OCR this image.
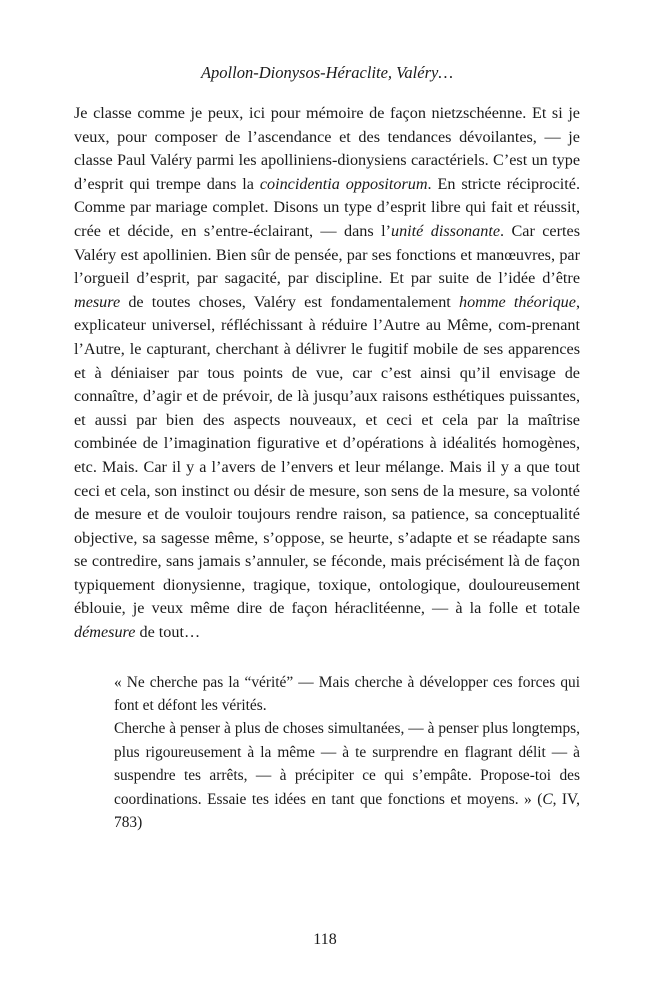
Apollon-Dionysos-Héraclite, Valéry…

Je classe comme je peux, ici pour mémoire de façon nietzschéenne. Et si je veux, pour composer de l’ascendance et des tendances dévoilantes, — je classe Paul Valéry parmi les apolliniens-dionysiens caractériels. C’est un type d’esprit qui trempe dans la coincidentia oppositorum. En stricte réciprocité. Comme par mariage complet. Disons un type d’esprit libre qui fait et réussit, crée et décide, en s’entre-éclairant, — dans l’unité dissonante. Car certes Valéry est apollinien. Bien sûr de pensée, par ses fonctions et manœuvres, par l’orgueil d’esprit, par sagacité, par discipline. Et par suite de l’idée d’être mesure de toutes choses, Valéry est fondamentalement homme théorique, explicateur universel, réfléchissant à réduire l’Autre au Même, com-prenant l’Autre, le capturant, cherchant à délivrer le fugitif mobile de ses apparences et à déniaiser par tous points de vue, car c’est ainsi qu’il envisage de connaître, d’agir et de prévoir, de là jusqu’aux raisons esthétiques puissantes, et aussi par bien des aspects nouveaux, et ceci et cela par la maîtrise combinée de l’imagination figurative et d’opérations à idéalités homogènes, etc. Mais. Car il y a l’avers de l’envers et leur mélange. Mais il y a que tout ceci et cela, son instinct ou désir de mesure, son sens de la mesure, sa volonté de mesure et de vouloir toujours rendre raison, sa patience, sa conceptualité objective, sa sagesse même, s’oppose, se heurte, s’adapte et se réadapte sans se contredire, sans jamais s’annuler, se féconde, mais précisément là de façon typiquement dionysienne, tragique, toxique, ontologique, douloureusement éblouie, je veux même dire de façon héraclitéenne, — à la folle et totale démesure de tout…

« Ne cherche pas la “vérité” — Mais cherche à développer ces forces qui font et défont les vérités.

Cherche à penser à plus de choses simultanées, — à penser plus longtemps, plus rigoureusement à la même — à te surprendre en flagrant délit — à suspendre tes arrêts, — à précipiter ce qui s’empâte. Propose-toi des coordinations. Essaie tes idées en tant que fonctions et moyens. » (C, IV, 783)

118
